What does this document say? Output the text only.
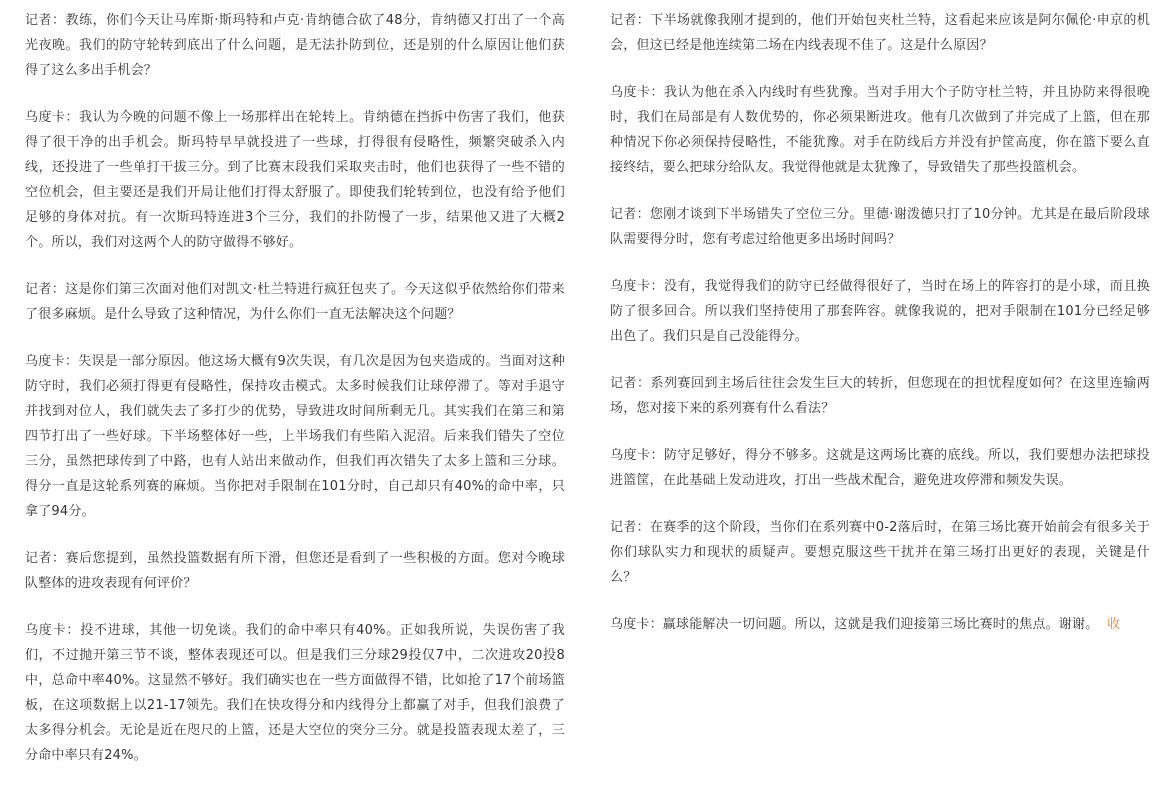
记者：教练，你们今天让马库斯·斯玛特和卢克·肯纳德合砍了48分，肯纳德又打出了一个高光夜晚。我们的防守轮转到底出了什么问题，是无法扑防到位，还是别的什么原因让他们获得了这么多出手机会？

乌度卡：我认为今晚的问题不像上一场那样出在轮转上。肯纳德在挡拆中伤害了我们，他获得了很干净的出手机会。斯玛特早早就投进了一些球，打得很有侵略性，频繁突破杀入内线，还投进了一些单打干拔三分。到了比赛末段我们采取夹击时，他们也获得了一些不错的空位机会，但主要还是我们开局让他们打得太舒服了。即使我们轮转到位，也没有给予他们足够的身体对抗。有一次斯玛特连进3个三分，我们的扑防慢了一步，结果他又进了大概2个。所以，我们对这两个人的防守做得不够好。

记者：这是你们第三次面对他们对凯文·杜兰特进行疯狂包夹了。今天这似乎依然给你们带来了很多麻烦。是什么导致了这种情况，为什么你们一直无法解决这个问题？

乌度卡：失误是一部分原因。他这场大概有9次失误，有几次是因为包夹造成的。当面对这种防守时，我们必须打得更有侵略性，保持攻击模式。太多时候我们让球停滞了。等对手退守并找到对位人，我们就失去了多打少的优势，导致进攻时间所剩无几。其实我们在第三和第四节打出了一些好球。下半场整体好一些，上半场我们有些陷入泥沼。后来我们错失了空位三分，虽然把球传到了中路，也有人站出来做动作，但我们再次错失了太多上篮和三分球。得分一直是这轮系列赛的麻烦。当你把对手限制在101分时，自己却只有40%的命中率，只拿了94分。

记者：赛后您提到，虽然投篮数据有所下滑，但您还是看到了一些积极的方面。您对今晚球队整体的进攻表现有何评价？

乌度卡：投不进球，其他一切免谈。我们的命中率只有40%。正如我所说，失误伤害了我们，不过抛开第三节不谈，整体表现还可以。但是我们三分球29投仅7中，二次进攻20投8中，总命中率40%。这显然不够好。我们确实也在一些方面做得不错，比如抢了17个前场篮板，在这项数据上以21-17领先。我们在快攻得分和内线得分上都赢了对手，但我们浪费了太多得分机会。无论是近在咫尺的上篮，还是大空位的突分三分。就是投篮表现太差了，三分命中率只有24%。

记者：下半场就像我刚才提到的，他们开始包夹杜兰特，这看起来应该是阿尔佩伦·申京的机会，但这已经是他连续第二场在内线表现不佳了。这是什么原因？

乌度卡：我认为他在杀入内线时有些犹豫。当对手用大个子防守杜兰特，并且协防来得很晚时，我们在局部是有人数优势的，你必须果断进攻。他有几次做到了并完成了上篮，但在那种情况下你必须保持侵略性，不能犹豫。对手在防线后方并没有护筐高度，你在篮下要么直接终结，要么把球分给队友。我觉得他就是太犹豫了，导致错失了那些投篮机会。

记者：您刚才谈到下半场错失了空位三分。里德·谢泼德只打了10分钟。尤其是在最后阶段球队需要得分时，您有考虑过给他更多出场时间吗？

乌度卡：没有，我觉得我们的防守已经做得很好了，当时在场上的阵容打的是小球，而且换防了很多回合。所以我们坚持使用了那套阵容。就像我说的，把对手限制在101分已经足够出色了。我们只是自己没能得分。

记者：系列赛回到主场后往往会发生巨大的转折，但您现在的担忧程度如何？在这里连输两场，您对接下来的系列赛有什么看法？

乌度卡：防守足够好，得分不够多。这就是这两场比赛的底线。所以，我们要想办法把球投进篮筐，在此基础上发动进攻，打出一些战术配合，避免进攻停滞和频发失误。

记者：在赛季的这个阶段，当你们在系列赛中0-2落后时，在第三场比赛开始前会有很多关于你们球队实力和现状的质疑声。要想克服这些干扰并在第三场打出更好的表现，关键是什么？

乌度卡：赢球能解决一切问题。所以，这就是我们迎接第三场比赛时的焦点。谢谢。 收
